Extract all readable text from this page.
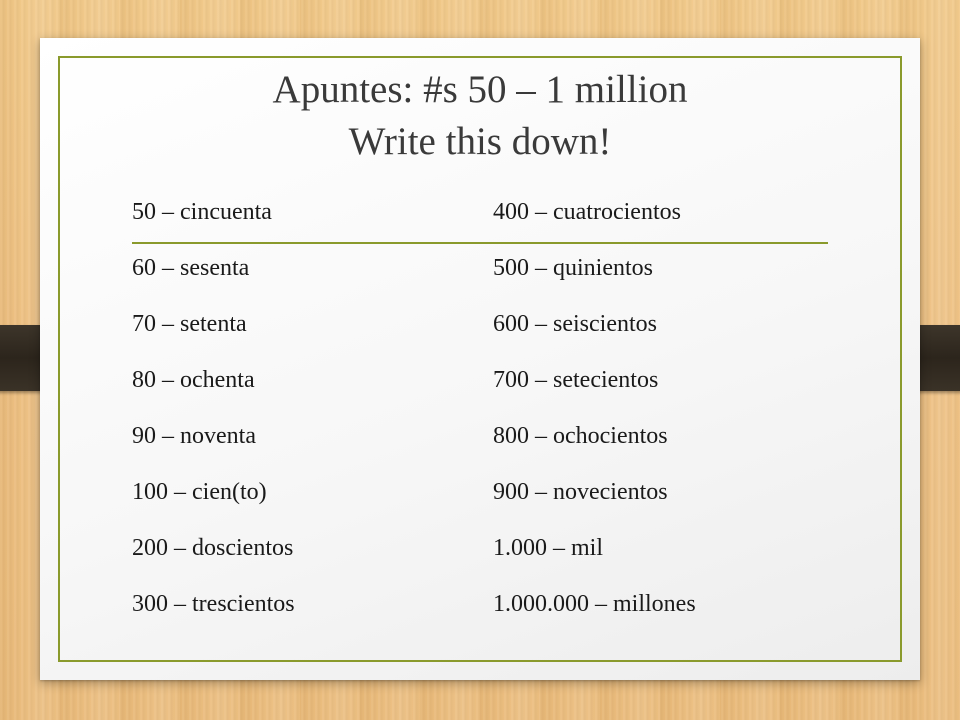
Apuntes: #s 50 – 1 million
Write this down!
50 – cincuenta
60 – sesenta
70 – setenta
80 – ochenta
90 – noventa
100 – cien(to)
200 – doscientos
300 – trescientos
400 – cuatrocientos
500 – quinientos
600 – seiscientos
700 – setecientos
800 – ochocientos
900 – novecientos
1.000 – mil
1.000.000 – millones
